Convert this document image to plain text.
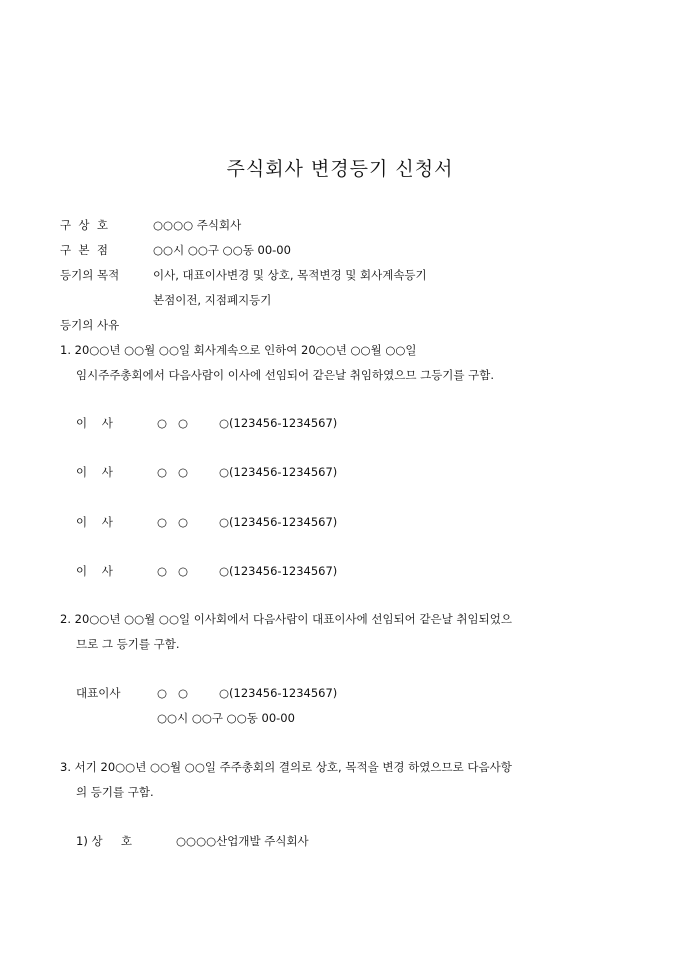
주식회사 변경등기 신청서
구  상  호	○○○○ 주식회사
구  본  점	○○시 ○○구 ○○동 00-00
등기의 목적	이사, 대표이사변경 및 상호, 목적변경 및 회사계속등기
본점이전, 지점폐지등기
등기의 사유
1. 20○○년 ○○월 ○○일 회사계속으로 인하여 20○○년 ○○월 ○○일
임시주주총회에서 다음사람이 이사에 선임되어 같은날 취임하였으므 그등기를 구함.
이    사	○   ○	○(123456-1234567)
이    사	○   ○	○(123456-1234567)
이    사	○   ○	○(123456-1234567)
이    사	○   ○	○(123456-1234567)
2. 20○○년 ○○월 ○○일 이사회에서 다음사람이 대표이사에 선임되어 같은날 취임되었으
므로 그 등기를 구함.
대표이사	○   ○	○(123456-1234567)
○○시 ○○구 ○○동 00-00
3. 서기 20○○년 ○○월 ○○일 주주총회의 결의로 상호, 목적을 변경 하였으므로 다음사항
의 등기를 구함.
1) 상     호	○○○○산업개발 주식회사
